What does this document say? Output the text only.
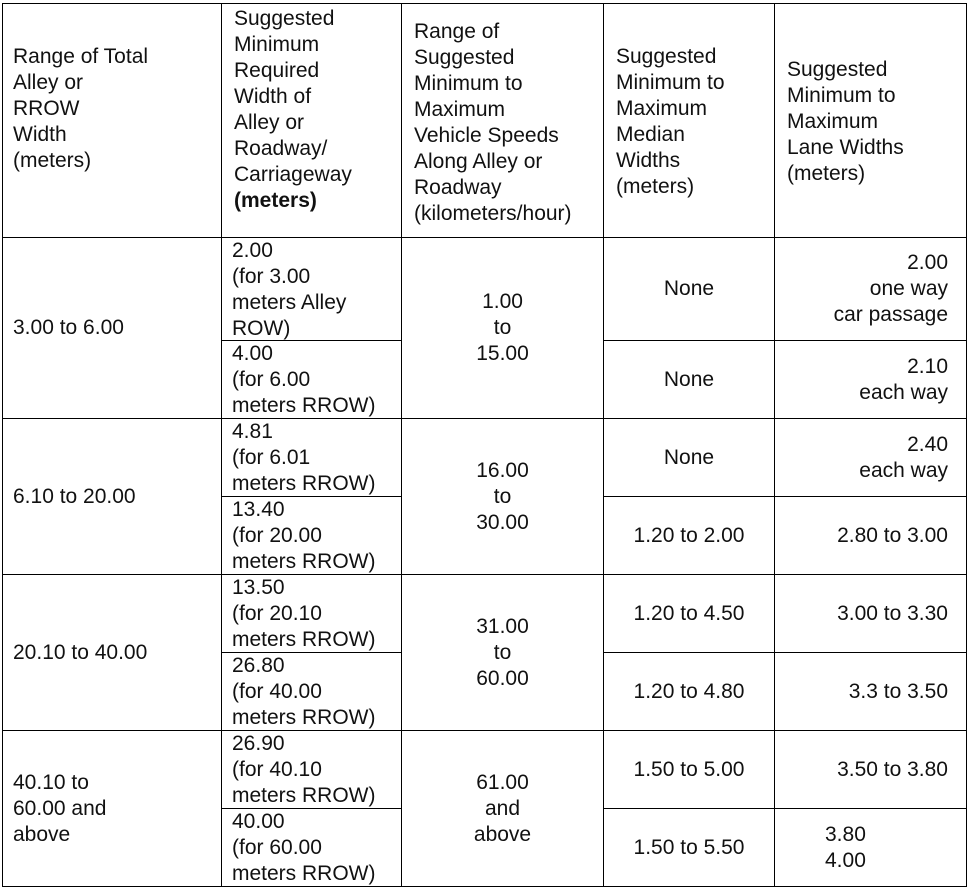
Range of Total
Alley or
RROW
Width
(meters)
Suggested
Minimum
Required
Width of
Alley or
Roadway/
Carriageway
(meters)
Range of
Suggested
Minimum to
Maximum
Vehicle Speeds
Along Alley or
Roadway
(kilometers/hour)
Suggested
Minimum to
Maximum
Median
Widths
(meters)
Suggested
Minimum to
Maximum
Lane Widths
(meters)
3.00 to 6.00
2.00
(for 3.00
meters Alley
ROW)
4.00
(for 6.00
meters RROW)
1.00
to
15.00
None
None
2.00
one way
car passage
2.10
each way
6.10 to 20.00
4.81
(for 6.01
meters RROW)
13.40
(for 20.00
meters RROW)
16.00
to
30.00
None
1.20 to 2.00
2.40
each way
2.80 to 3.00
20.10 to 40.00
13.50
(for 20.10
meters RROW)
26.80
(for 40.00
meters RROW)
31.00
to
60.00
1.20 to 4.50
1.20 to 4.80
3.00 to 3.30
3.3 to 3.50
40.10 to
60.00 and
above
26.90
(for 40.10
meters RROW)
40.00
(for 60.00
meters RROW)
61.00
and
above
1.50 to 5.00
1.50 to 5.50
3.50 to 3.80
3.80
4.00
